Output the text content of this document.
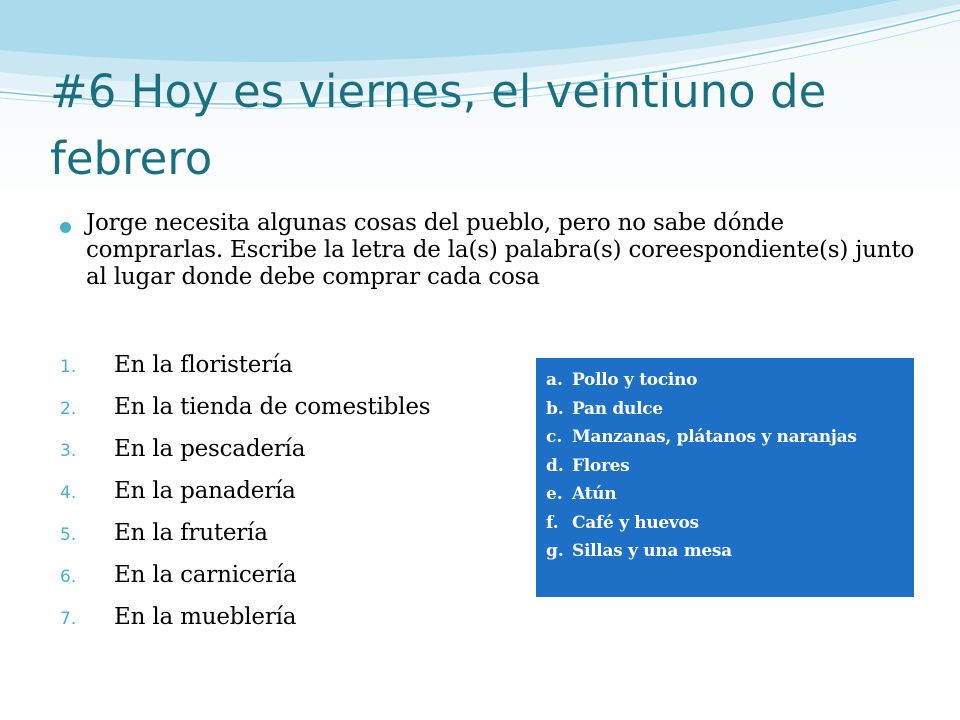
#6 Hoy es viernes, el veintiuno de febrero
Jorge necesita algunas cosas del pueblo, pero no sabe dónde comprarlas. Escribe la letra de la(s) palabra(s) coreespondiente(s) junto al lugar donde debe comprar cada cosa
1.	En la floristería
2.	En la tienda de comestibles
3.	En la pescadería
4.	En la panadería
5.	En la frutería
6.	En la carnicería
7.	En la mueblería
a. Pollo y tocino
b. Pan dulce
c. Manzanas, plátanos y naranjas
d. Flores
e. Atún
f. Café y huevos
g. Sillas y una mesa
